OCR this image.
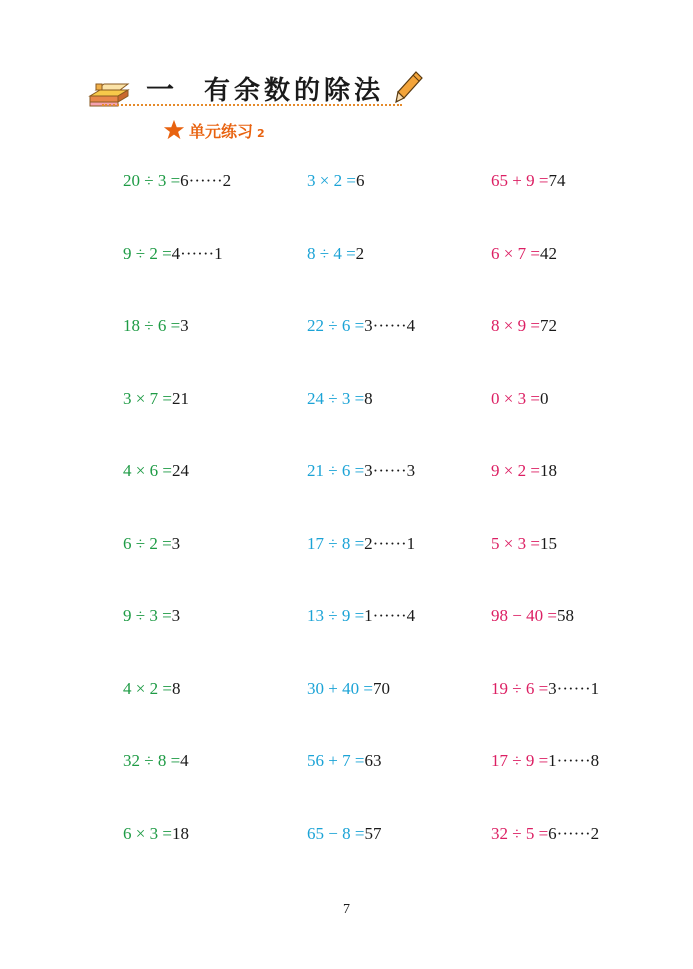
一 有余数的除法
单元练习 2
20 ÷ 3 =6······2	3 × 2 =6	65 + 9 =74
9 ÷ 2 =4······1	8 ÷ 4 =2	6 × 7 =42
18 ÷ 6 =3	22 ÷ 6 =3······4	8 × 9 =72
3 × 7 =21	24 ÷ 3 =8	0 × 3 =0
4 × 6 =24	21 ÷ 6 =3······3	9 × 2 =18
6 ÷ 2 =3	17 ÷ 8 =2······1	5 × 3 =15
9 ÷ 3 =3	13 ÷ 9 =1······4	98 − 40 =58
4 × 2 =8	30 + 40 =70	19 ÷ 6 =3······1
32 ÷ 8 =4	56 + 7 =63	17 ÷ 9 =1······8
6 × 3 =18	65 − 8 =57	32 ÷ 5 =6······2
7
